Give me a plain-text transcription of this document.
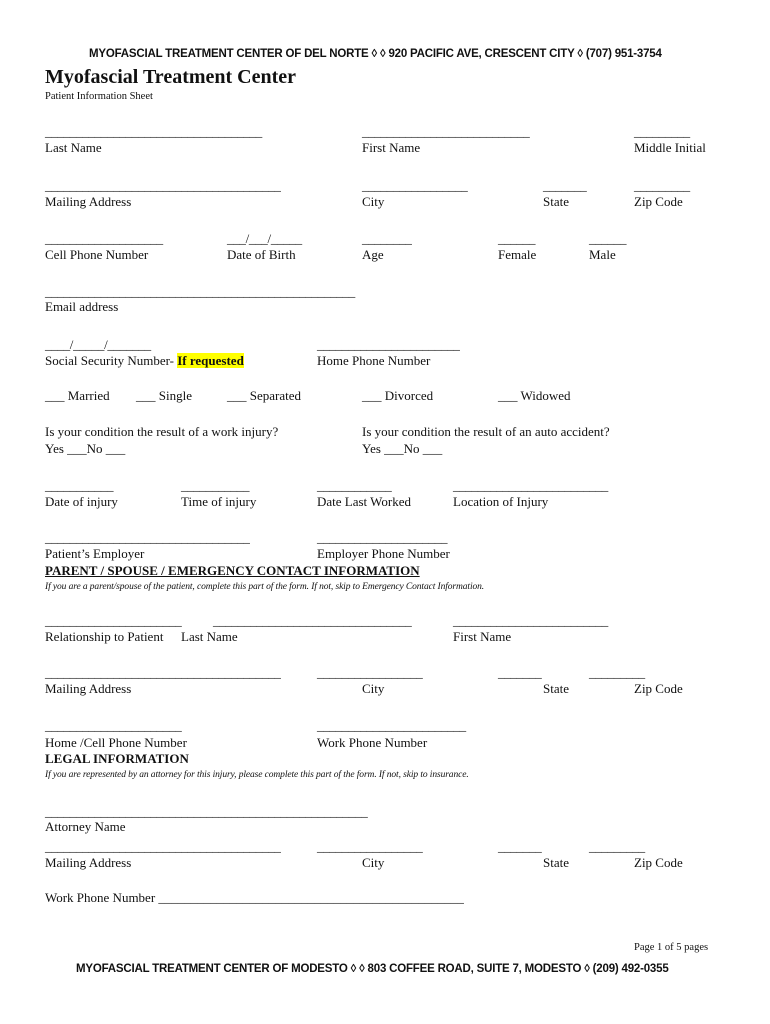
MYOFASCIAL TREATMENT CENTER OF DEL NORTE ◊ ◊ 920 PACIFIC AVE, CRESCENT CITY ◊ (707) 951-3754
Myofascial Treatment Center
Patient Information Sheet
___________________________________	___________________________	_________
Last Name	First Name	Middle Initial
______________________________________	_________________	_______	_________
Mailing Address	City	State	Zip Code
___________________	___/___/_____	________	______	______
Cell Phone Number	Date of Birth	Age	Female	Male
__________________________________________________
Email address
____/_____/_______	_______________________
Social Security Number- If requested	Home Phone Number
___ Married ___ Single	___ Separated	___ Divorced	___ Widowed
Is your condition the result of a work injury?
Yes ___No ___
Is your condition the result of an auto accident?
Yes ___No ___
___________	___________	____________	_________________________
Date of injury	Time of injury	Date Last Worked	Location of Injury
_________________________________	_____________________
Patient’s Employer	Employer Phone Number
PARENT / SPOUSE / EMERGENCY CONTACT INFORMATION
If you are a parent/spouse of the patient, complete this part of the form. If not, skip to Emergency Contact Information.
______________________ ________________________________	_________________________
Relationship to Patient Last Name	First Name
______________________________________	_________________	_______	_________
Mailing Address	City	State	Zip Code
______________________	________________________
Home /Cell Phone Number	Work Phone Number
LEGAL INFORMATION
If you are represented by an attorney for this injury, please complete this part of the form. If not, skip to insurance.
____________________________________________________
Attorney Name
______________________________________	_________________	_______	_________
Mailing Address	City	State	Zip Code
Work Phone Number _______________________________________________
Page 1 of 5 pages
MYOFASCIAL TREATMENT CENTER OF MODESTO ◊ ◊ 803 COFFEE ROAD, SUITE 7, MODESTO ◊ (209) 492-0355
